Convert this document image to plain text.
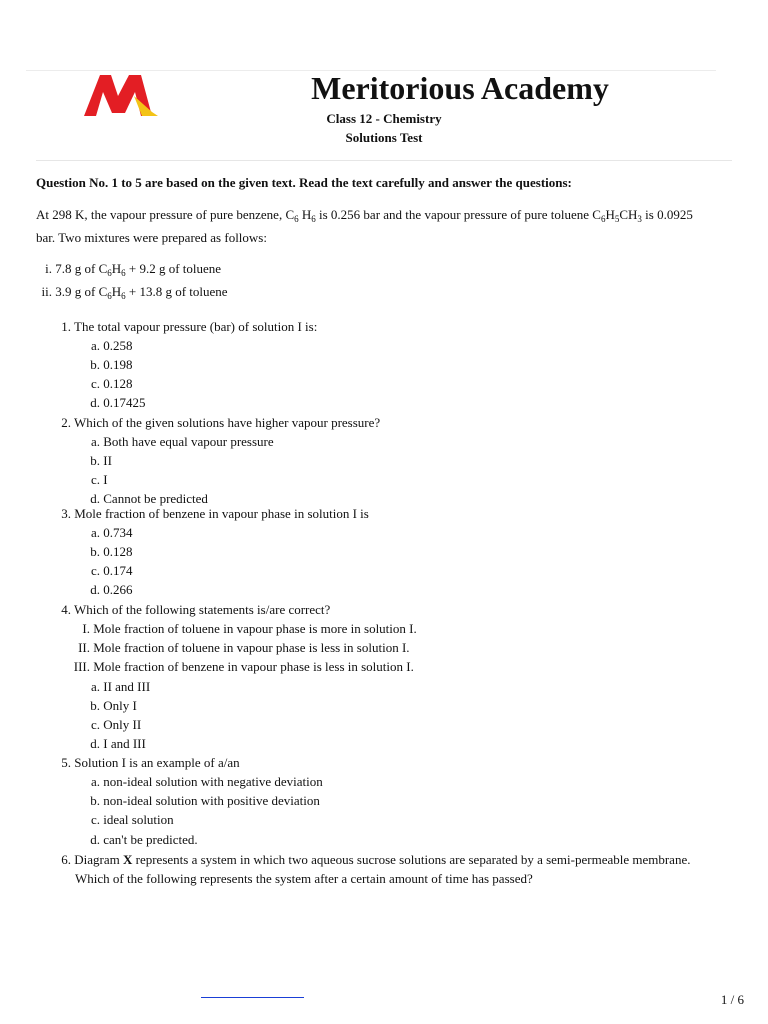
Meritorious Academy
Class 12 - Chemistry
Solutions Test
Question No. 1 to 5 are based on the given text. Read the text carefully and answer the questions:
At 298 K, the vapour pressure of pure benzene, $C_6$ $H_6$ is 0.256 bar and the vapour pressure of pure toluene $C_6H_5CH_3$ is 0.0925
bar. Two mixtures were prepared as follows:
i. 7.8 g of $C_6H_6 + 9.2$ g of toluene
ii. 3.9 g of $C_6H_6 + 13.8$ g of toluene
1. The total vapour pressure (bar) of solution I is:
a. 0.258
b. 0.198
c. 0.128
d. 0.17425
2. Which of the given solutions have higher vapour pressure?
a. Both have equal vapour pressure
b. II
c. I
d. Cannot be predicted
3. Mole fraction of benzene in vapour phase in solution I is
a. 0.734
b. 0.128
c. 0.174
d. 0.266
4. Which of the following statements is/are correct?
I. Mole fraction of toluene in vapour phase is more in solution I.
II. Mole fraction of toluene in vapour phase is less in solution I.
III. Mole fraction of benzene in vapour phase is less in solution I.
a. II and III
b. Only I
c. Only II
d. I and III
5. Solution I is an example of a/an
a. non-ideal solution with negative deviation
b. non-ideal solution with positive deviation
c. ideal solution
d. can't be predicted.
6. Diagram X represents a system in which two aqueous sucrose solutions are separated by a semi-permeable membrane.
Which of the following represents the system after a certain amount of time has passed?
1 / 6
